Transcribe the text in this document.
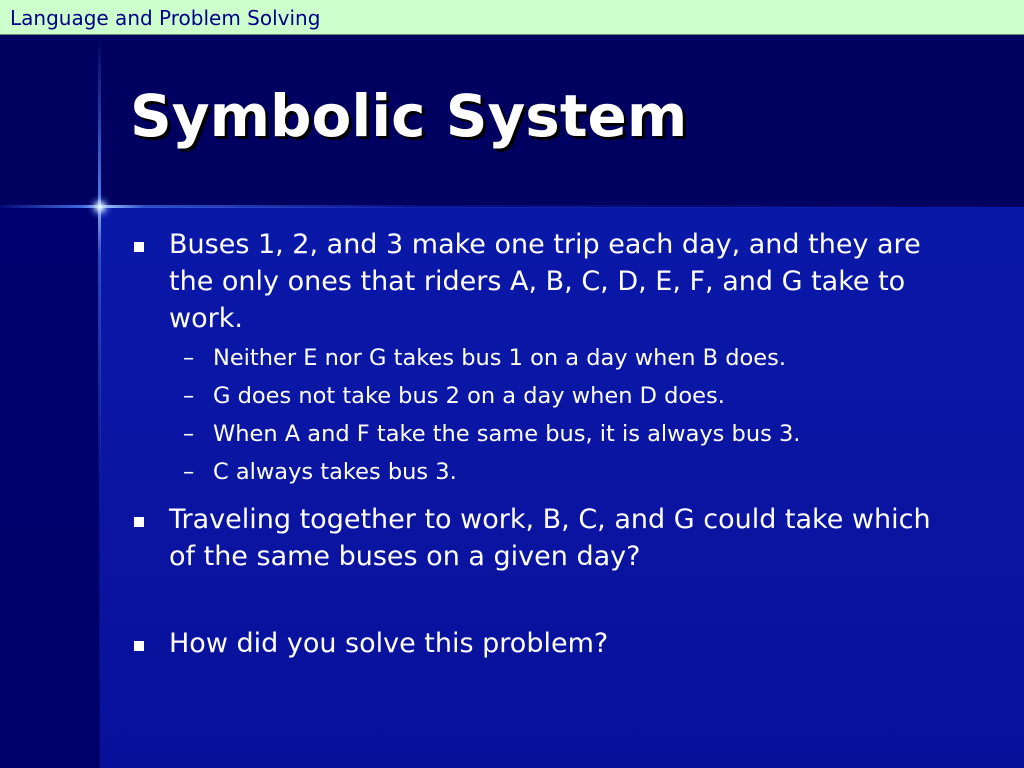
Language and Problem Solving
Symbolic System
Buses 1, 2, and 3 make one trip each day, and they are the only ones that riders A, B, C, D, E, F, and G take to work.
– Neither E nor G takes bus 1 on a day when B does.
– G does not take bus 2 on a day when D does.
– When A and F take the same bus, it is always bus 3.
– C always takes bus 3.
Traveling together to work, B, C, and G could take which of the same buses on a given day?
How did you solve this problem?
